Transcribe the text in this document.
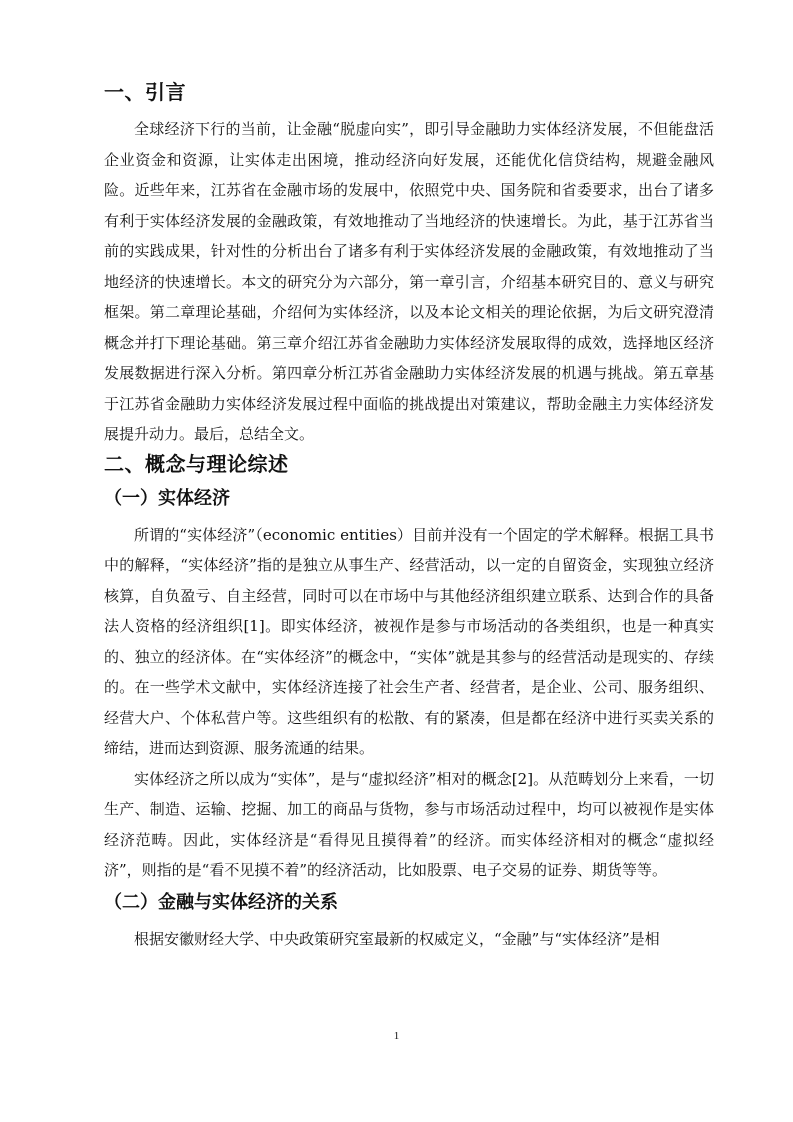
一、引言

全球经济下行的当前，让金融“脱虚向实”，即引导金融助力实体经济发展，不但能盘活企业资金和资源，让实体走出困境，推动经济向好发展，还能优化信贷结构，规避金融风险。近些年来，江苏省在金融市场的发展中，依照党中央、国务院和省委要求，出台了诸多有利于实体经济发展的金融政策，有效地推动了当地经济的快速增长。为此，基于江苏省当前的实践成果，针对性的分析出台了诸多有利于实体经济发展的金融政策，有效地推动了当地经济的快速增长。本文的研究分为六部分，第一章引言，介绍基本研究目的、意义与研究框架。第二章理论基础，介绍何为实体经济，以及本论文相关的理论依据，为后文研究澄清概念并打下理论基础。第三章介绍江苏省金融助力实体经济发展取得的成效，选择地区经济发展数据进行深入分析。第四章分析江苏省金融助力实体经济发展的机遇与挑战。第五章基于江苏省金融助力实体经济发展过程中面临的挑战提出对策建议，帮助金融主力实体经济发展提升动力。最后，总结全文。

二、概念与理论综述
（一）实体经济

所谓的“实体经济”（economic entities）目前并没有一个固定的学术解释。根据工具书中的解释，“实体经济”指的是独立从事生产、经营活动，以一定的自留资金，实现独立经济核算，自负盈亏、自主经营，同时可以在市场中与其他经济组织建立联系、达到合作的具备法人资格的经济组织[1]。即实体经济，被视作是参与市场活动的各类组织，也是一种真实的、独立的经济体。在“实体经济”的概念中，“实体”就是其参与的经营活动是现实的、存续的。在一些学术文献中，实体经济连接了社会生产者、经营者，是企业、公司、服务组织、经营大户、个体私营户等。这些组织有的松散、有的紧凑，但是都在经济中进行买卖关系的缔结，进而达到资源、服务流通的结果。

实体经济之所以成为“实体”，是与“虚拟经济”相对的概念[2]。从范畴划分上来看，一切生产、制造、运输、挖掘、加工的商品与货物，参与市场活动过程中，均可以被视作是实体经济范畴。因此，实体经济是“看得见且摸得着”的经济。而实体经济相对的概念“虚拟经济”，则指的是“看不见摸不着”的经济活动，比如股票、电子交易的证券、期货等等。

（二）金融与实体经济的关系

根据安徽财经大学、中央政策研究室最新的权威定义，“金融”与“实体经济”是相

1
